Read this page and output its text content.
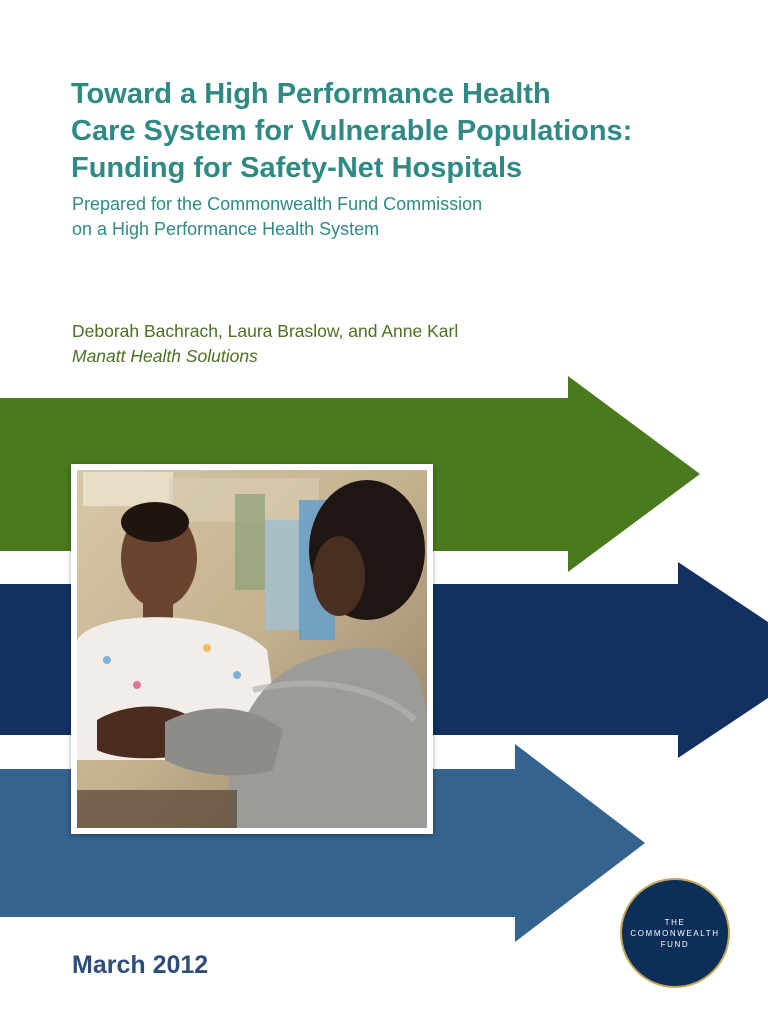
Toward a High Performance Health
Care System for Vulnerable Populations:
Funding for Safety-Net Hospitals

Prepared for the Commonwealth Fund Commission
on a High Performance Health System

Deborah Bachrach, Laura Braslow, and Anne Karl

Manatt Health Solutions

March 2012

THE
COMMONWEALTH
FUND
